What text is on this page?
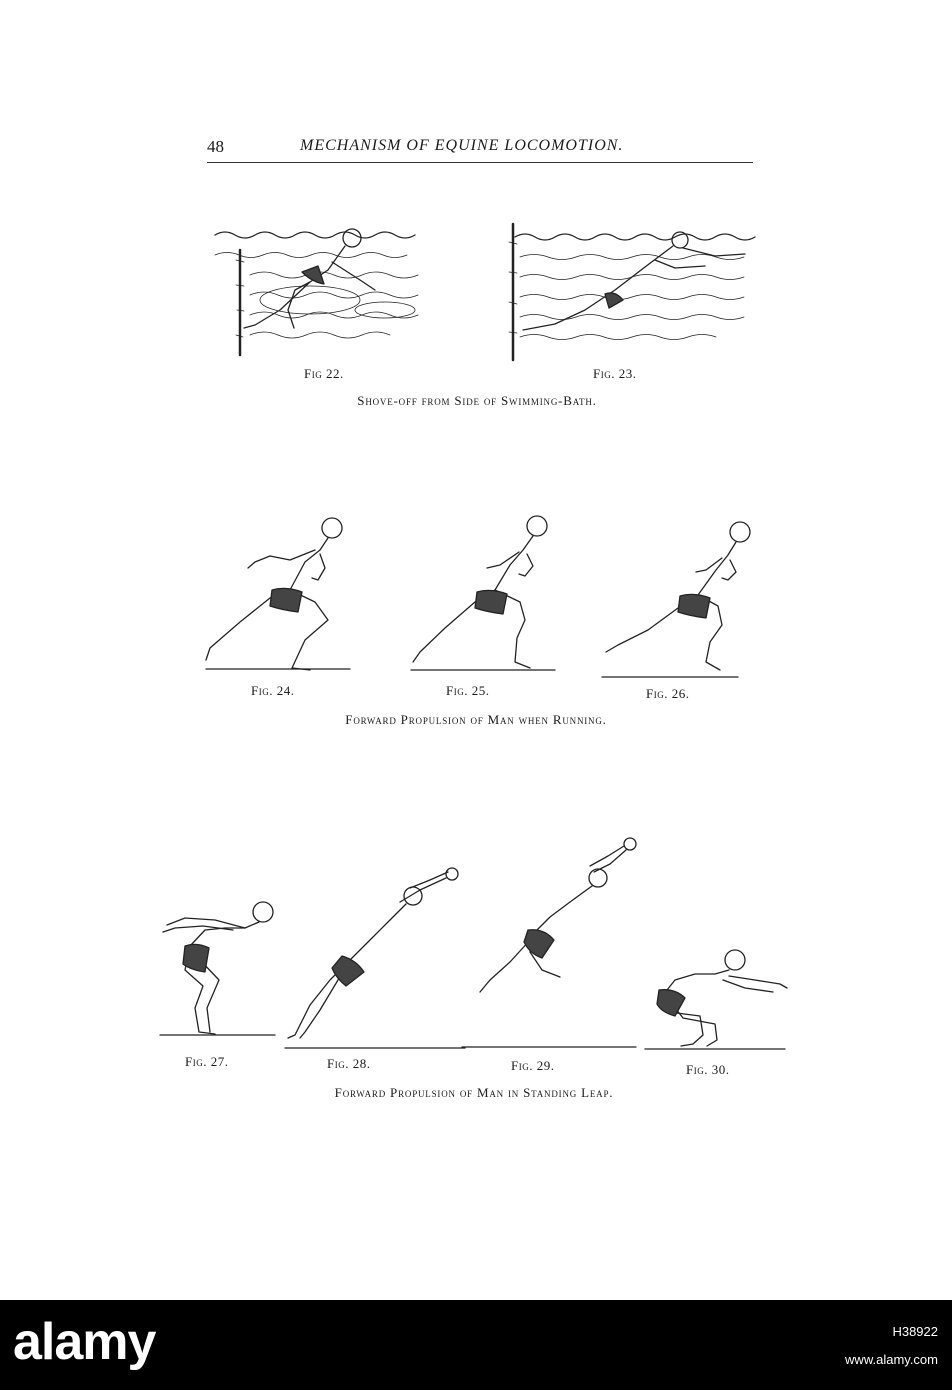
48	MECHANISM OF EQUINE LOCOMOTION.
Fig 22.	Fig. 23.
Shove-off from Side of Swimming-Bath.
Fig. 24.	Fig. 25.	Fig. 26.
Forward Propulsion of Man when Running.
Fig. 27.	Fig. 28.	Fig. 29.	Fig. 30.
Forward Propulsion of Man in Standing Leap.
alamy	H38922
www.alamy.com
